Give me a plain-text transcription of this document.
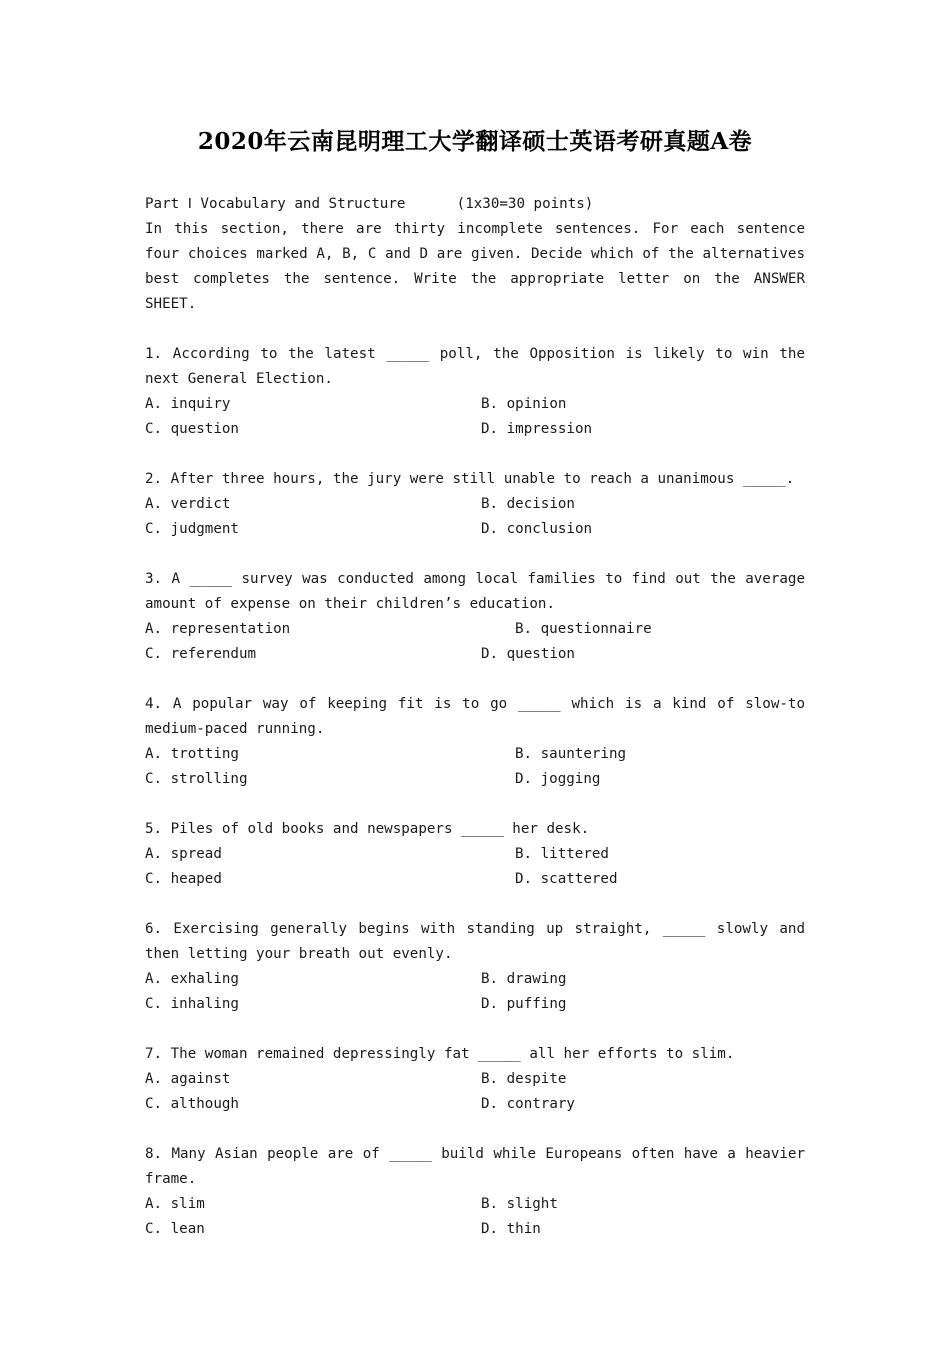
2020年云南昆明理工大学翻译硕士英语考研真题A卷
Part Ⅰ Vocabulary and Structure      (1x30=30 points)
In this section, there are thirty incomplete sentences. For each sentence four choices marked A, B, C and D are given. Decide which of the alternatives best completes the sentence. Write the appropriate letter on the ANSWER SHEET.
1. According to the latest _____ poll, the Opposition is likely to win the next General Election.
A. inquiry	B. opinion
C. question	D. impression
2. After three hours, the jury were still unable to reach a unanimous _____.
A. verdict	B. decision
C. judgment	D. conclusion
3. A _____ survey was conducted among local families to find out the average amount of expense on their children’s education.
A. representation	B. questionnaire
C. referendum	D. question
4. A popular way of keeping fit is to go _____ which is a kind of slow-to medium-paced running.
A. trotting	B. sauntering
C. strolling	D. jogging
5. Piles of old books and newspapers _____ her desk.
A. spread	B. littered
C. heaped	D. scattered
6. Exercising generally begins with standing up straight, _____ slowly and then letting your breath out evenly.
A. exhaling	B. drawing
C. inhaling	D. puffing
7. The woman remained depressingly fat _____ all her efforts to slim.
A. against	B. despite
C. although	D. contrary
8. Many Asian people are of _____ build while Europeans often have a heavier frame.
A. slim	B. slight
C. lean	D. thin
